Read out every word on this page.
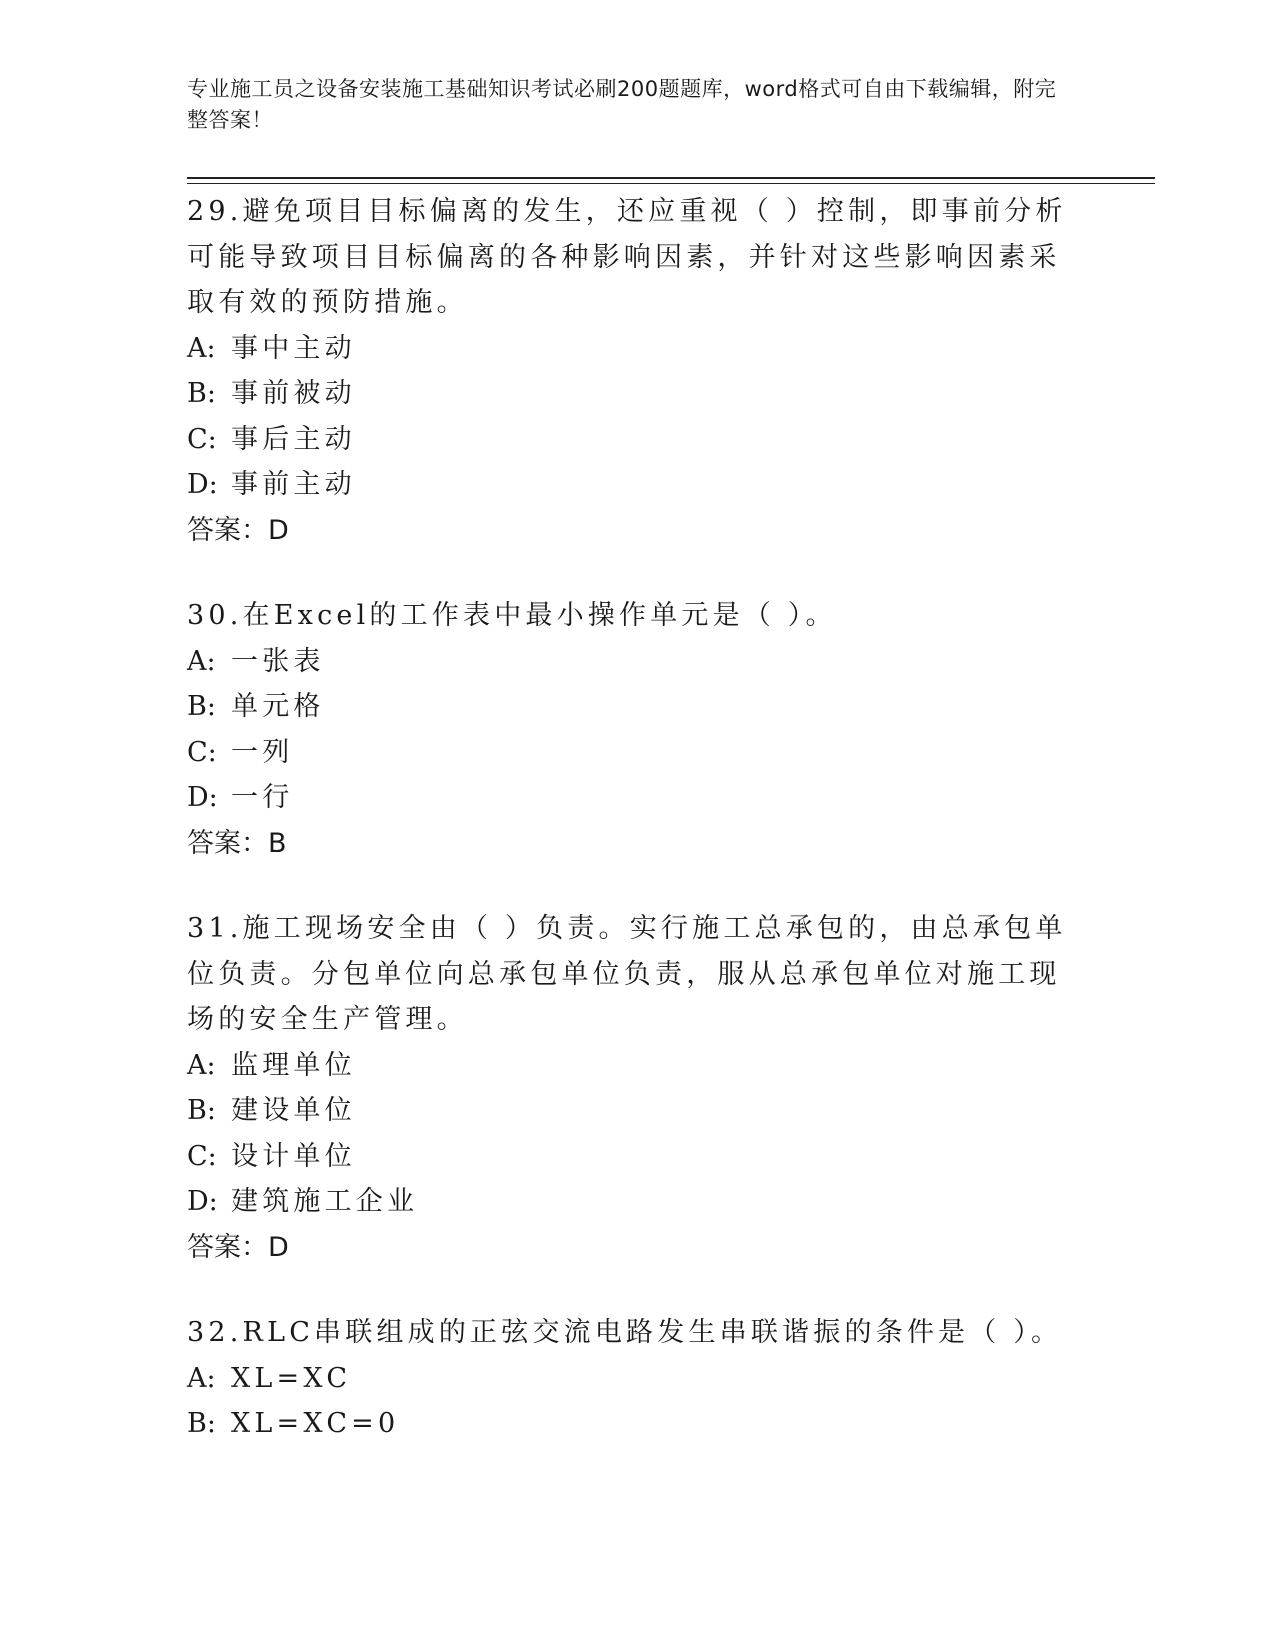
专业施工员之设备安装施工基础知识考试必刷200题题库，word格式可自由下载编辑，附完整答案！

29.避免项目目标偏离的发生，还应重视（ ）控制，即事前分析可能导致项目目标偏离的各种影响因素，并针对这些影响因素采取有效的预防措施。

A: 事中主动
B: 事前被动
C: 事后主动
D: 事前主动
答案：D

30.在Excel的工作表中最小操作单元是（ ）。

A: 一张表
B: 单元格
C: 一列
D: 一行
答案：B

31.施工现场安全由（ ）负责。实行施工总承包的，由总承包单位负责。分包单位向总承包单位负责，服从总承包单位对施工现场的安全生产管理。

A: 监理单位
B: 建设单位
C: 设计单位
D: 建筑施工企业
答案：D

32.RLC串联组成的正弦交流电路发生串联谐振的条件是（ ）。

A: XL=XC
B: XL=XC=0
